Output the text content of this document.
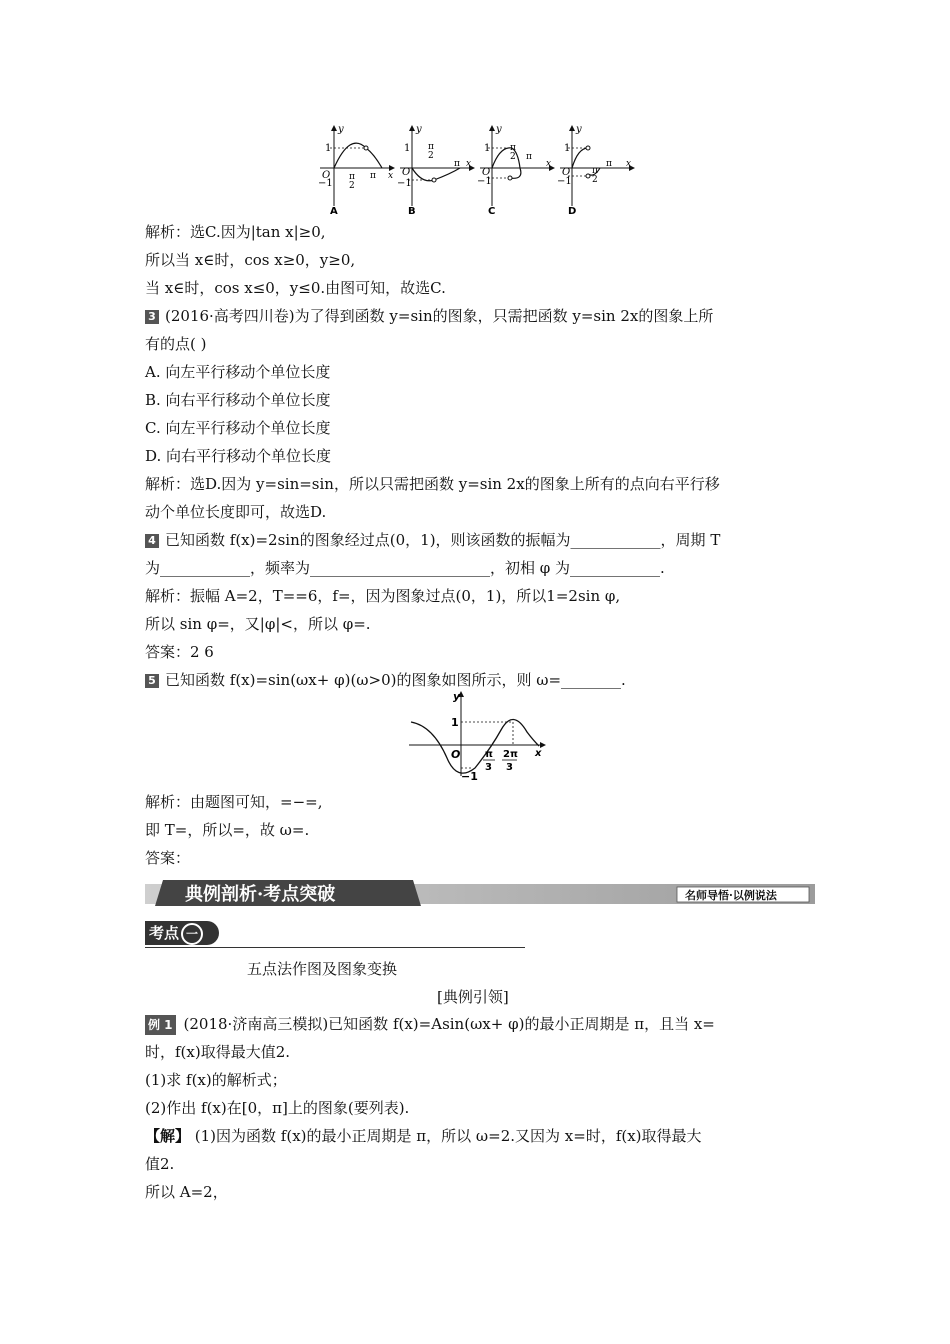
y
1
O
−1
π
2
π x
A
y
1
O
−1
π
2
π x
B
y
1
O
−1
π
2 π
x
C
y
1
O
−1
π
2
π x
D
解析：选C.因为|tan x|≥0,
所以当 x∈时，cos x≥0，y≥0,
当 x∈时，cos x≤0，y≤0.由图可知，故选C.
3 (2016·高考四川卷)为了得到函数 y=sin的图象，只需把函数 y=sin 2x的图象上所
有的点( )
A. 向左平行移动个单位长度
B. 向右平行移动个单位长度
C. 向左平行移动个单位长度
D. 向右平行移动个单位长度
解析：选D.因为 y=sin=sin，所以只需把函数 y=sin 2x的图象上所有的点向右平行移
动个单位长度即可，故选D.
4 已知函数 f(x)=2sin的图象经过点(0，1)，则该函数的振幅为____________，周期 T
为____________，频率为________________________，初相 φ 为____________.
解析：振幅 A=2，T==6，f=，因为图象过点(0，1)，所以1=2sin φ,
所以 sin φ=，又|φ|<，所以 φ=.
答案：2 6
5 已知函数 f(x)=sin(ωx+ φ)(ω>0)的图象如图所示，则 ω=________.
y
1
O
−1
π
3
2π
3
x
解析：由题图可知，=−=,
即 T=，所以=，故 ω=.
答案：
典例剖析·考点突破	名师导悟·以例说法
考点 一
五点法作图及图象变换
[典例引领]
例 1 (2018·济南高三模拟)已知函数 f(x)=Asin(ωx+ φ)的最小正周期是 π，且当 x=
时，f(x)取得最大值2.
(1)求 f(x)的解析式；
(2)作出 f(x)在[0，π]上的图象(要列表).
【解】 (1)因为函数 f(x)的最小正周期是 π，所以 ω=2.又因为 x=时，f(x)取得最大
值2.
所以 A=2，
